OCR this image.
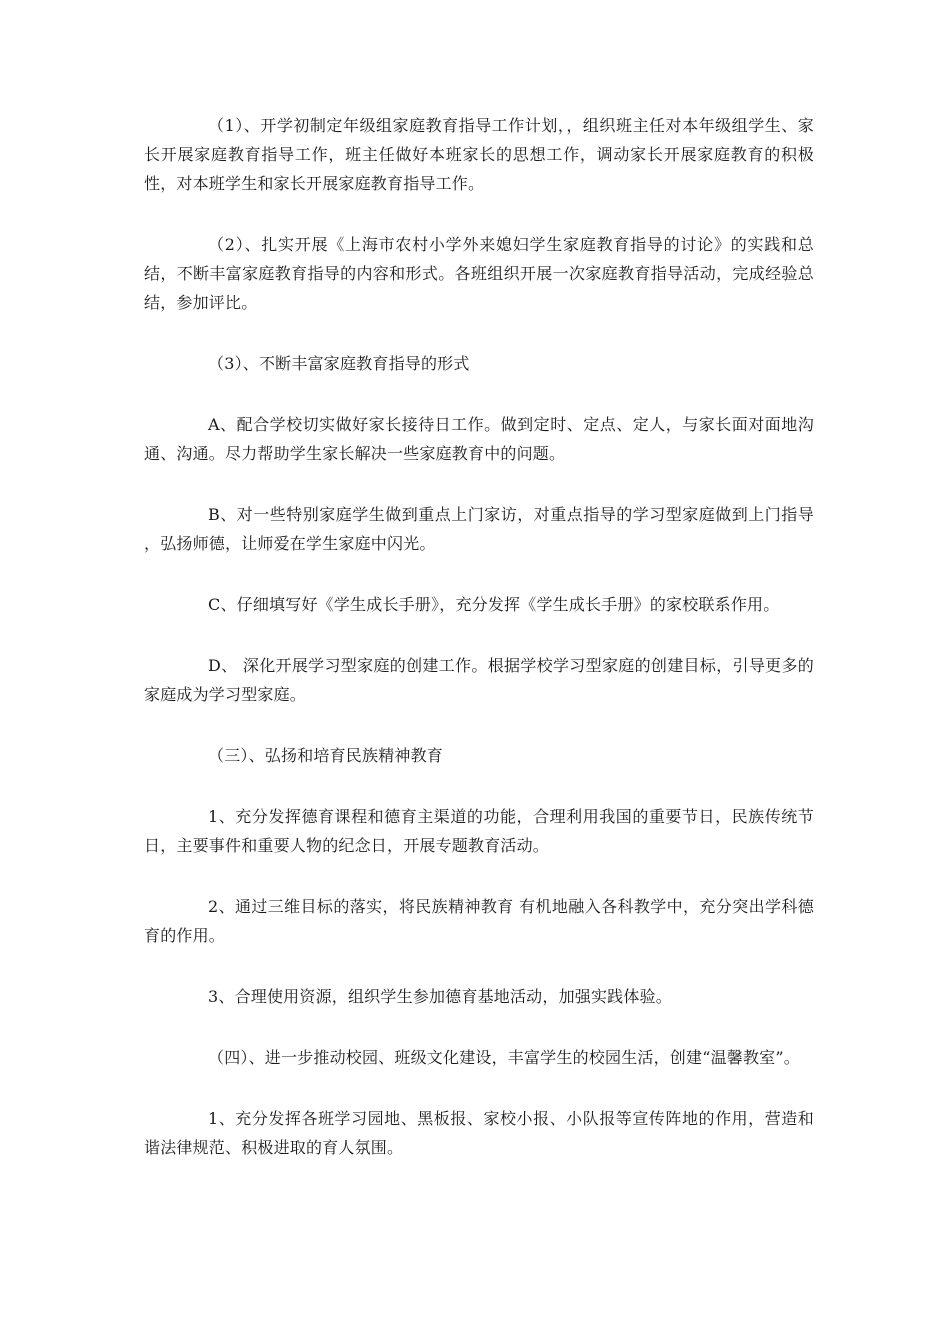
（1）、开学初制定年级组家庭教育指导工作计划，，组织班主任对本年级组学生、家长开展家庭教育指导工作，班主任做好本班家长的思想工作，调动家长开展家庭教育的积极性，对本班学生和家长开展家庭教育指导工作。

（2）、扎实开展《上海市农村小学外来媳妇学生家庭教育指导的讨论》的实践和总结，不断丰富家庭教育指导的内容和形式。各班组织开展一次家庭教育指导活动，完成经验总结，参加评比。

（3）、不断丰富家庭教育指导的形式

A、配合学校切实做好家长接待日工作。做到定时、定点、定人，与家长面对面地沟通、沟通。尽力帮助学生家长解决一些家庭教育中的问题。

B、对一些特别家庭学生做到重点上门家访，对重点指导的学习型家庭做到上门指导 ，弘扬师德，让师爱在学生家庭中闪光。

C、仔细填写好《学生成长手册》，充分发挥《学生成长手册》的家校联系作用。

D、 深化开展学习型家庭的创建工作。根据学校学习型家庭的创建目标，引导更多的家庭成为学习型家庭。

（三）、弘扬和培育民族精神教育

1、充分发挥德育课程和德育主渠道的功能，合理利用我国的重要节日，民族传统节日，主要事件和重要人物的纪念日，开展专题教育活动。

2、通过三维目标的落实，将民族精神教育 有机地融入各科教学中，充分突出学科德育的作用。

3、合理使用资源，组织学生参加德育基地活动，加强实践体验。

（四）、进一步推动校园、班级文化建设，丰富学生的校园生活，创建“温馨教室”。

1、充分发挥各班学习园地、黑板报、家校小报、小队报等宣传阵地的作用，营造和谐法律规范、积极进取的育人氛围。
